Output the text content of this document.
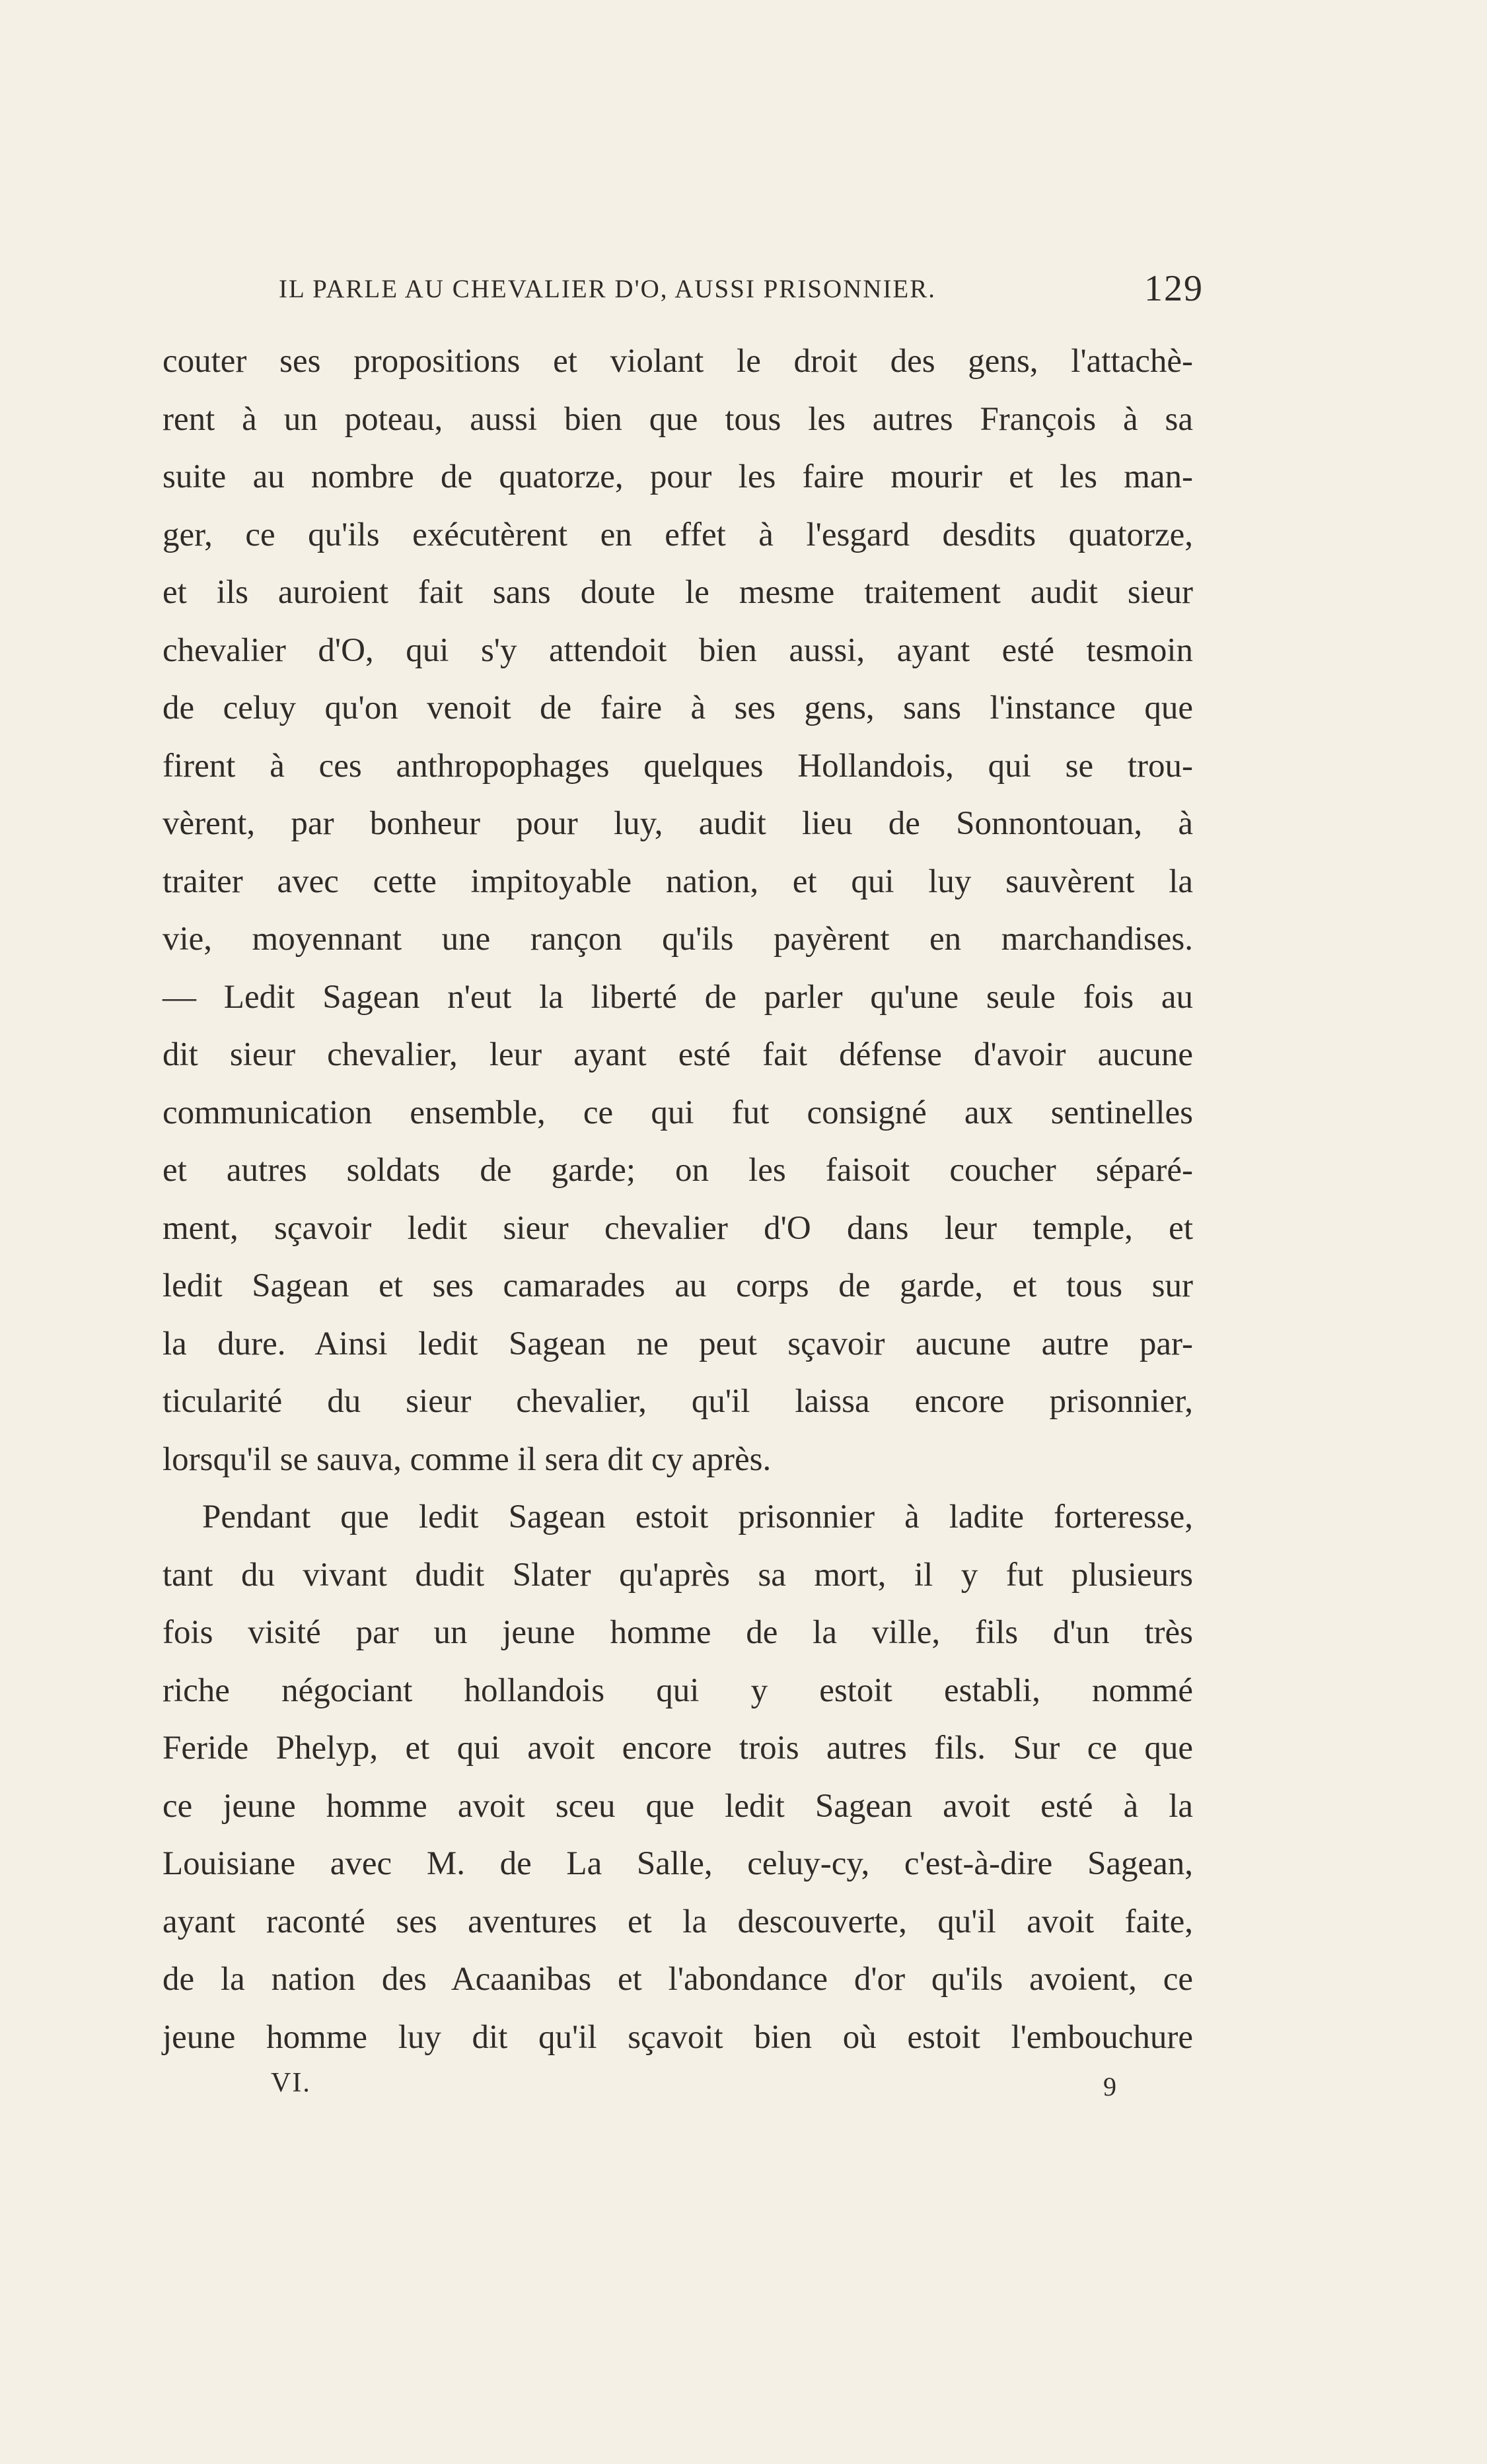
IL PARLE AU CHEVALIER D'O, AUSSI PRISONNIER.	129
couter ses propositions et violant le droit des gens, l'attachè-
rent à un poteau, aussi bien que tous les autres François à sa
suite au nombre de quatorze, pour les faire mourir et les man-
ger, ce qu'ils exécutèrent en effet à l'esgard desdits quatorze,
et ils auroient fait sans doute le mesme traitement audit sieur
chevalier d'O, qui s'y attendoit bien aussi, ayant esté tesmoin
de celuy qu'on venoit de faire à ses gens, sans l'instance que
firent à ces anthropophages quelques Hollandois, qui se trou-
vèrent, par bonheur pour luy, audit lieu de Sonnontouan, à
traiter avec cette impitoyable nation, et qui luy sauvèrent la
vie, moyennant une rançon qu'ils payèrent en marchandises.
— Ledit Sagean n'eut la liberté de parler qu'une seule fois au
dit sieur chevalier, leur ayant esté fait défense d'avoir aucune
communication ensemble, ce qui fut consigné aux sentinelles
et autres soldats de garde; on les faisoit coucher séparé-
ment, sçavoir ledit sieur chevalier d'O dans leur temple, et
ledit Sagean et ses camarades au corps de garde, et tous sur
la dure. Ainsi ledit Sagean ne peut sçavoir aucune autre par-
ticularité du sieur chevalier, qu'il laissa encore prisonnier,
lorsqu'il se sauva, comme il sera dit cy après.
Pendant que ledit Sagean estoit prisonnier à ladite forteresse,
tant du vivant dudit Slater qu'après sa mort, il y fut plusieurs
fois visité par un jeune homme de la ville, fils d'un très
riche négociant hollandois qui y estoit establi, nommé
Feride Phelyp, et qui avoit encore trois autres fils. Sur ce que
ce jeune homme avoit sceu que ledit Sagean avoit esté à la
Louisiane avec M. de La Salle, celuy-cy, c'est-à-dire Sagean,
ayant raconté ses aventures et la descouverte, qu'il avoit faite,
de la nation des Acaanibas et l'abondance d'or qu'ils avoient, ce
jeune homme luy dit qu'il sçavoit bien où estoit l'embouchure
VI.	9
